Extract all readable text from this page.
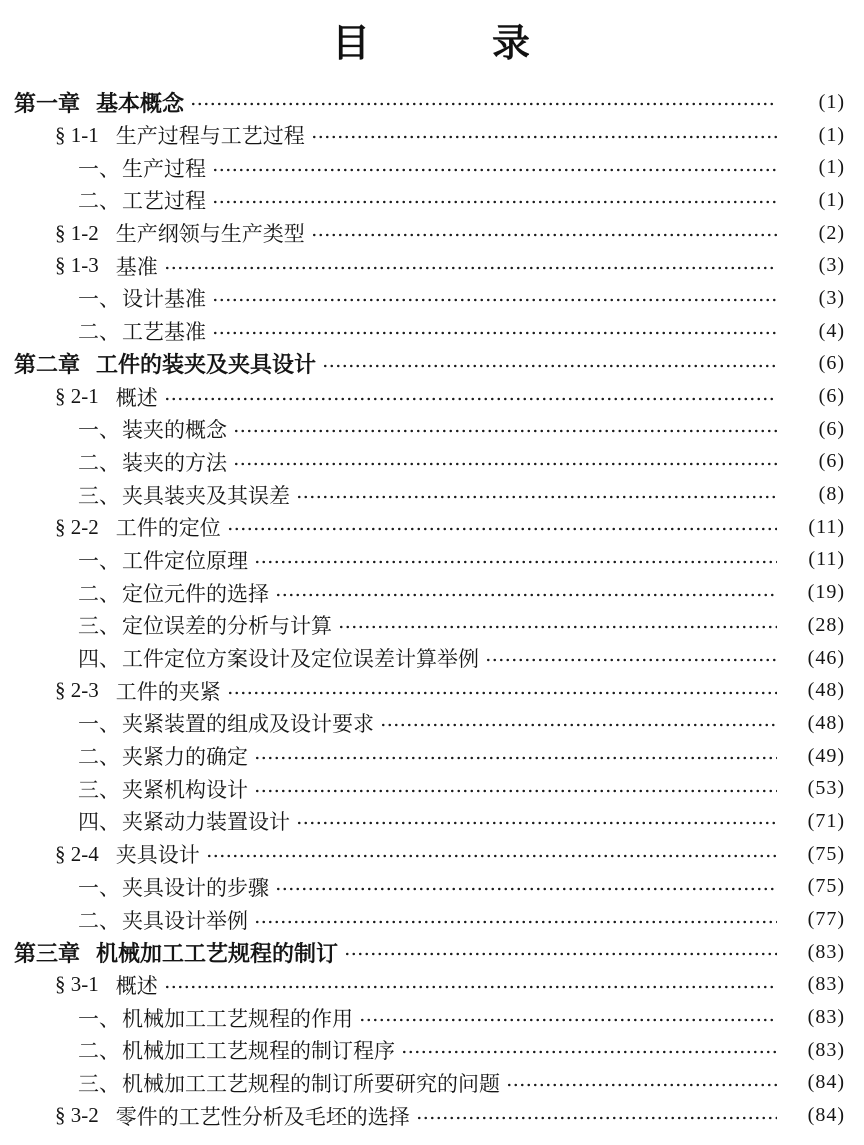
目　　　录
第一章 基本概念	(1)
§ 1-1 生产过程与工艺过程	(1)
一、 生产过程	(1)
二、 工艺过程	(1)
§ 1-2 生产纲领与生产类型	(2)
§ 1-3 基准	(3)
一、 设计基准	(3)
二、 工艺基准	(4)
第二章 工件的装夹及夹具设计	(6)
§ 2-1 概述	(6)
一、 装夹的概念	(6)
二、 装夹的方法	(6)
三、 夹具装夹及其误差	(8)
§ 2-2 工件的定位	(11)
一、 工件定位原理	(11)
二、 定位元件的选择	(19)
三、 定位误差的分析与计算	(28)
四、 工件定位方案设计及定位误差计算举例	(46)
§ 2-3 工件的夹紧	(48)
一、 夹紧装置的组成及设计要求	(48)
二、 夹紧力的确定	(49)
三、 夹紧机构设计	(53)
四、 夹紧动力装置设计	(71)
§ 2-4 夹具设计	(75)
一、 夹具设计的步骤	(75)
二、 夹具设计举例	(77)
第三章 机械加工工艺规程的制订	(83)
§ 3-1 概述	(83)
一、 机械加工工艺规程的作用	(83)
二、 机械加工工艺规程的制订程序	(83)
三、 机械加工工艺规程的制订所要研究的问题	(84)
§ 3-2 零件的工艺性分析及毛坯的选择	(84)
